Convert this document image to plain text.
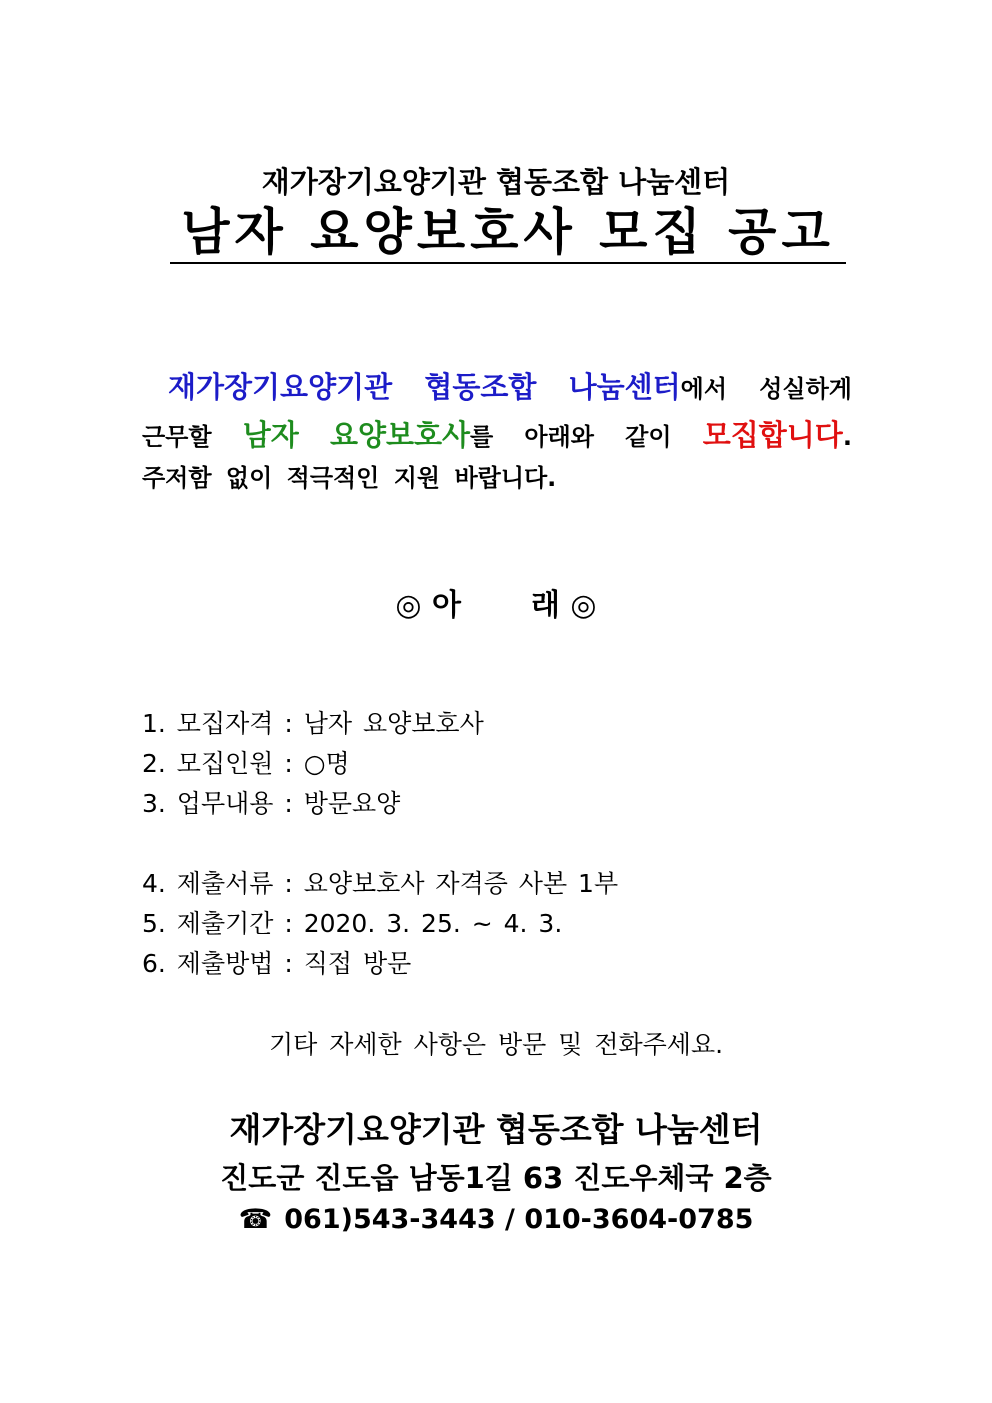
재가장기요양기관 협동조합 나눔센터
남자 요양보호사 모집 공고
재가장기요양기관 협동조합 나눔센터에서 성실하게
근무할 남자 요양보호사를 아래와 같이 모집합니다.
주저함 없이 적극적인 지원 바랍니다.
◎ 아 래 ◎
1. 모집자격 : 남자 요양보호사
2. 모집인원 : ○명
3. 업무내용 : 방문요양
4. 제출서류 : 요양보호사 자격증 사본 1부
5. 제출기간 : 2020. 3. 25. ~ 4. 3.
6. 제출방법 : 직접 방문
기타 자세한 사항은 방문 및 전화주세요.
재가장기요양기관 협동조합 나눔센터
진도군 진도읍 남동1길 63 진도우체국 2층
☎ 061)543-3443 / 010-3604-0785
